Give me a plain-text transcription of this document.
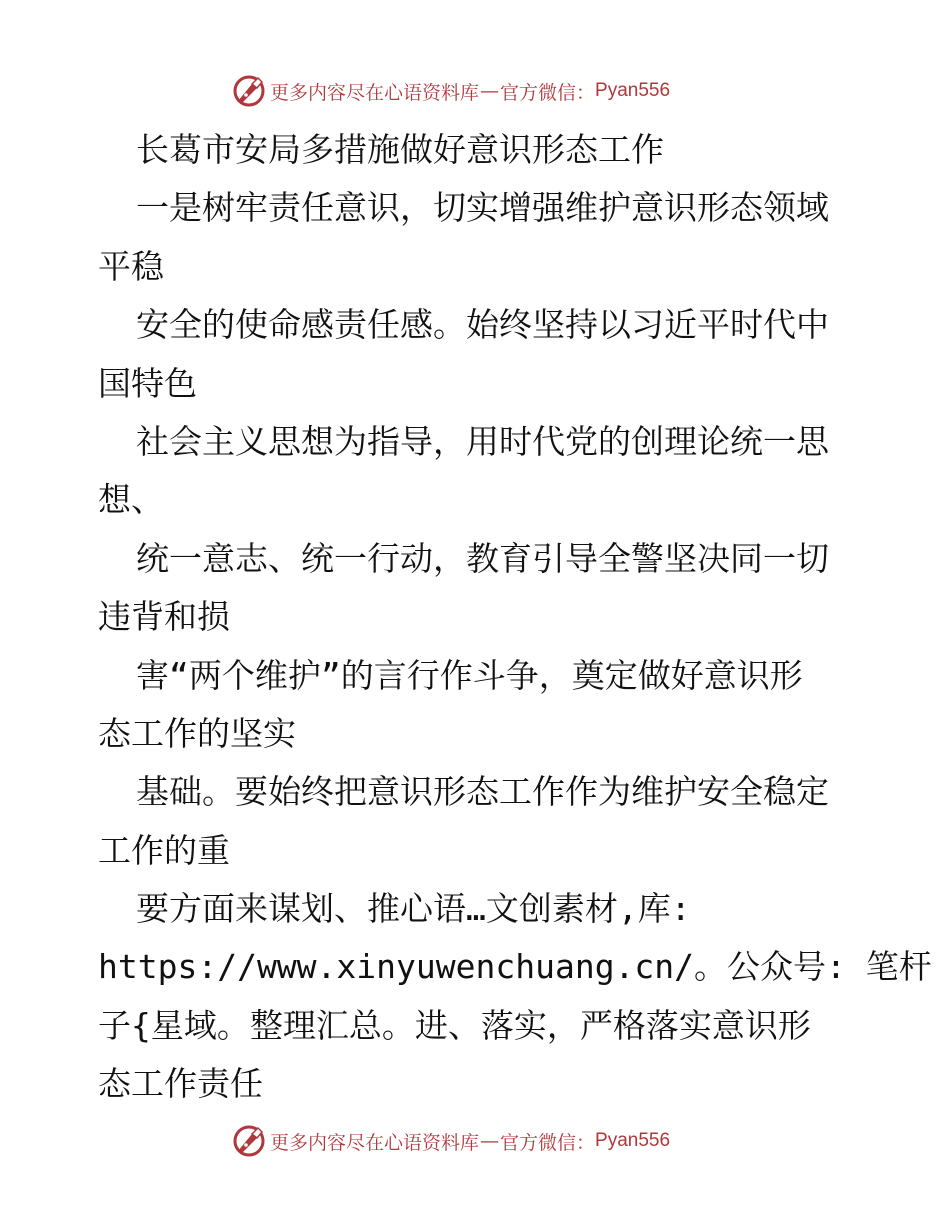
更多内容尽在心语资料库 — 官方微信： Pyan556
长葛市安局多措施做好意识形态工作
一是树牢责任意识，切实增强维护意识形态领域
平稳
安全的使命感责任感。始终坚持以习近平时代中
国特色
社会主义思想为指导，用时代党的创理论统一思
想、
统一意志、统一行动，教育引导全警坚决同一切
违背和损
害“两个维护”的言行作斗争，奠定做好意识形
态工作的坚实
基础。要始终把意识形态工作作为维护安全稳定
工作的重
要方面来谋划、推心语…文创素材,库:
https://www.xinyuwenchuang.cn/。公众号: 笔杆
子{星域。整理汇总。进、落实，严格落实意识形
态工作责任
更多内容尽在心语资料库 — 官方微信： Pyan556
